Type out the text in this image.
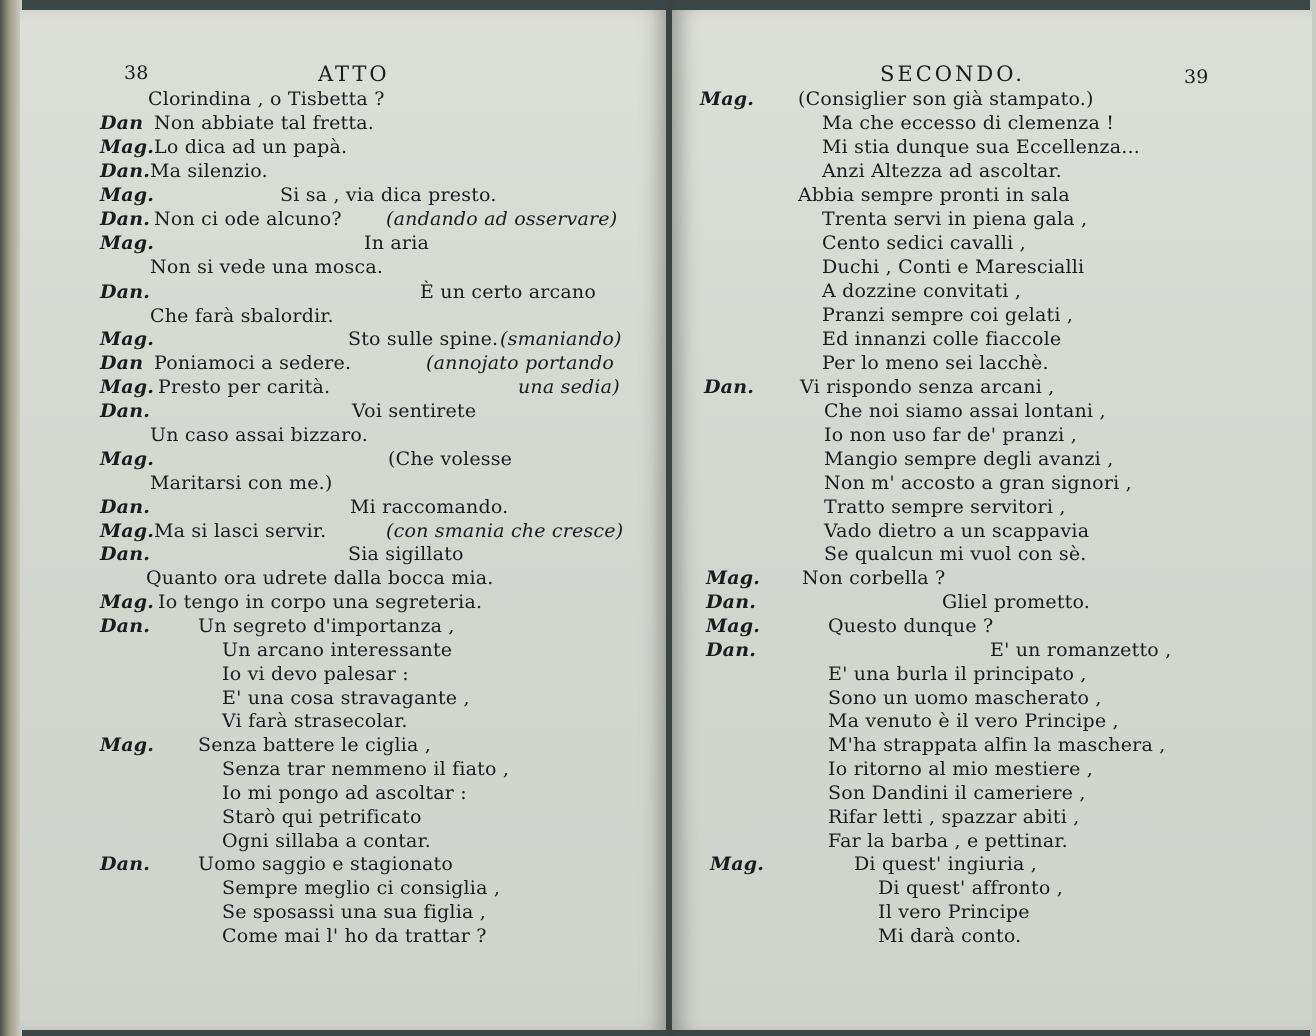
38	ATTO
Clorindina , o Tisbetta ?
Dan Non abbiate tal fretta.
Mag. Lo dica ad un papà.
Dan. Ma silenzio.
Mag.	Si sa , via dica presto.
Dan. Non ci ode alcuno? (andando ad osservare)
Mag.	In aria
Non si vede una mosca.
Dan.	È un certo arcano
Che farà sbalordir.
Mag.	Sto sulle spine. (smaniando)
Dan Poniamoci a sedere.	(annojato portando
Mag. Presto per carità.	una sedia)
Dan.	Voi sentirete
Un caso assai bizzaro.
Mag.	(Che volesse
Maritarsi con me.)
Dan.	Mi raccomando.
Mag. Ma si lasci servir.	(con smania che cresce)
Dan.	Sia sigillato
Quanto ora udrete dalla bocca mia.
Mag. Io tengo in corpo una segreteria.
Dan.	Un segreto d'importanza ,
Un arcano interessante
Io vi devo palesar :
E' una cosa stravagante ,
Vi farà strasecolar.
Mag. Senza battere le ciglia ,
Senza trar nemmeno il fiato ,
Io mi pongo ad ascoltar :
Starò qui petrificato
Ogni sillaba a contar.
Dan.	Uomo saggio e stagionato
Sempre meglio ci consiglia ,
Se sposassi una sua figlia ,
Come mai l' ho da trattar ?
SECONDO.	39
Mag. (Consiglier son già stampato.)
Ma che eccesso di clemenza !
Mi stia dunque sua Eccellenza...
Anzi Altezza ad ascoltar.
Abbia sempre pronti in sala
Trenta servi in piena gala ,
Cento sedici cavalli ,
Duchi , Conti e Marescialli
A dozzine convitati ,
Pranzi sempre coi gelati ,
Ed innanzi colle fiaccole
Per lo meno sei lacchè.
Dan. Vi rispondo senza arcani ,
Che noi siamo assai lontani ,
Io non uso far de' pranzi ,
Mangio sempre degli avanzi ,
Non m' accosto a gran signori ,
Tratto sempre servitori ,
Vado dietro a un scappavia
Se qualcun mi vuol con sè.
Mag. Non corbella ?
Dan.	Gliel prometto.
Mag.	Questo dunque ?
Dan.	E' un romanzetto ,
E' una burla il principato ,
Sono un uomo mascherato ,
Ma venuto è il vero Principe ,
M'ha strappata alfin la maschera ,
Io ritorno al mio mestiere ,
Son Dandini il cameriere ,
Rifar letti , spazzar abiti ,
Far la barba , e pettinar.
Mag.	Di quest' ingiuria ,
Di quest' affronto ,
Il vero Principe
Mi darà conto.
